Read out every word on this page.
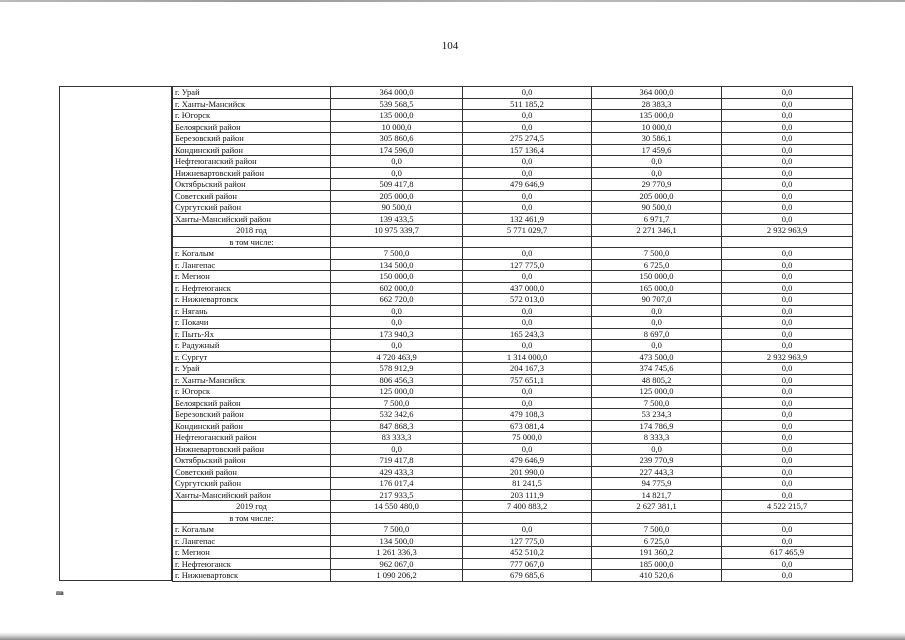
104
г. Урай	364 000,0	0,0	364 000,0	0,0
г. Ханты-Мансийск	539 568,5	511 185,2	28 383,3	0,0
г. Югорск	135 000,0	0,0	135 000,0	0,0
Белоярский район	10 000,0	0,0	10 000,0	0,0
Березовский район	305 860,6	275 274,5	30 586,1	0,0
Кондинский район	174 596,0	157 136,4	17 459,6	0,0
Нефтеюганский район	0,0	0,0	0,0	0,0
Нижневартовский район	0,0	0,0	0,0	0,0
Октябрьский район	509 417,8	479 646,9	29 770,9	0,0
Советский район	205 000,0	0,0	205 000,0	0,0
Сургутский район	90 500,0	0,0	90 500,0	0,0
Ханты-Мансийский район	139 433,5	132 461,9	6 971,7	0,0
2018 год	10 975 339,7	5 771 029,7	2 271 346,1	2 932 963,9
в том числе:				
г. Когалым	7 500,0	0,0	7 500,0	0,0
г. Лангепас	134 500,0	127 775,0	6 725,0	0,0
г. Мегион	150 000,0	0,0	150 000,0	0,0
г. Нефтеюганск	602 000,0	437 000,0	165 000,0	0,0
г. Нижневартовск	662 720,0	572 013,0	90 707,0	0,0
г. Нягань	0,0	0,0	0,0	0,0
г. Покачи	0,0	0,0	0,0	0,0
г. Пыть-Ях	173 940,3	165 243,3	8 697,0	0,0
г. Радужный	0,0	0,0	0,0	0,0
г. Сургут	4 720 463,9	1 314 000,0	473 500,0	2 932 963,9
г. Урай	578 912,9	204 167,3	374 745,6	0,0
г. Ханты-Мансийск	806 456,3	757 651,1	48 805,2	0,0
г. Югорск	125 000,0	0,0	125 000,0	0,0
Белоярский район	7 500,0	0,0	7 500,0	0,0
Березовский район	532 342,6	479 108,3	53 234,3	0,0
Кондинский район	847 868,3	673 081,4	174 786,9	0,0
Нефтеюганский район	83 333,3	75 000,0	8 333,3	0,0
Нижневартовский район	0,0	0,0	0,0	0,0
Октябрьский район	719 417,8	479 646,9	239 770,9	0,0
Советский район	429 433,3	201 990,0	227 443,3	0,0
Сургутский район	176 017,4	81 241,5	94 775,9	0,0
Ханты-Мансийский район	217 933,5	203 111,9	14 821,7	0,0
2019 год	14 550 480,0	7 400 883,2	2 627 381,1	4 522 215,7
в том числе:				
г. Когалым	7 500,0	0,0	7 500,0	0,0
г. Лангепас	134 500,0	127 775,0	6 725,0	0,0
г. Мегион	1 261 336,3	452 510,2	191 360,2	617 465,9
г. Нефтеюганск	962 067,0	777 067,0	185 000,0	0,0
г. Нижневартовск	1 090 206,2	679 685,6	410 520,6	0,0
пв
